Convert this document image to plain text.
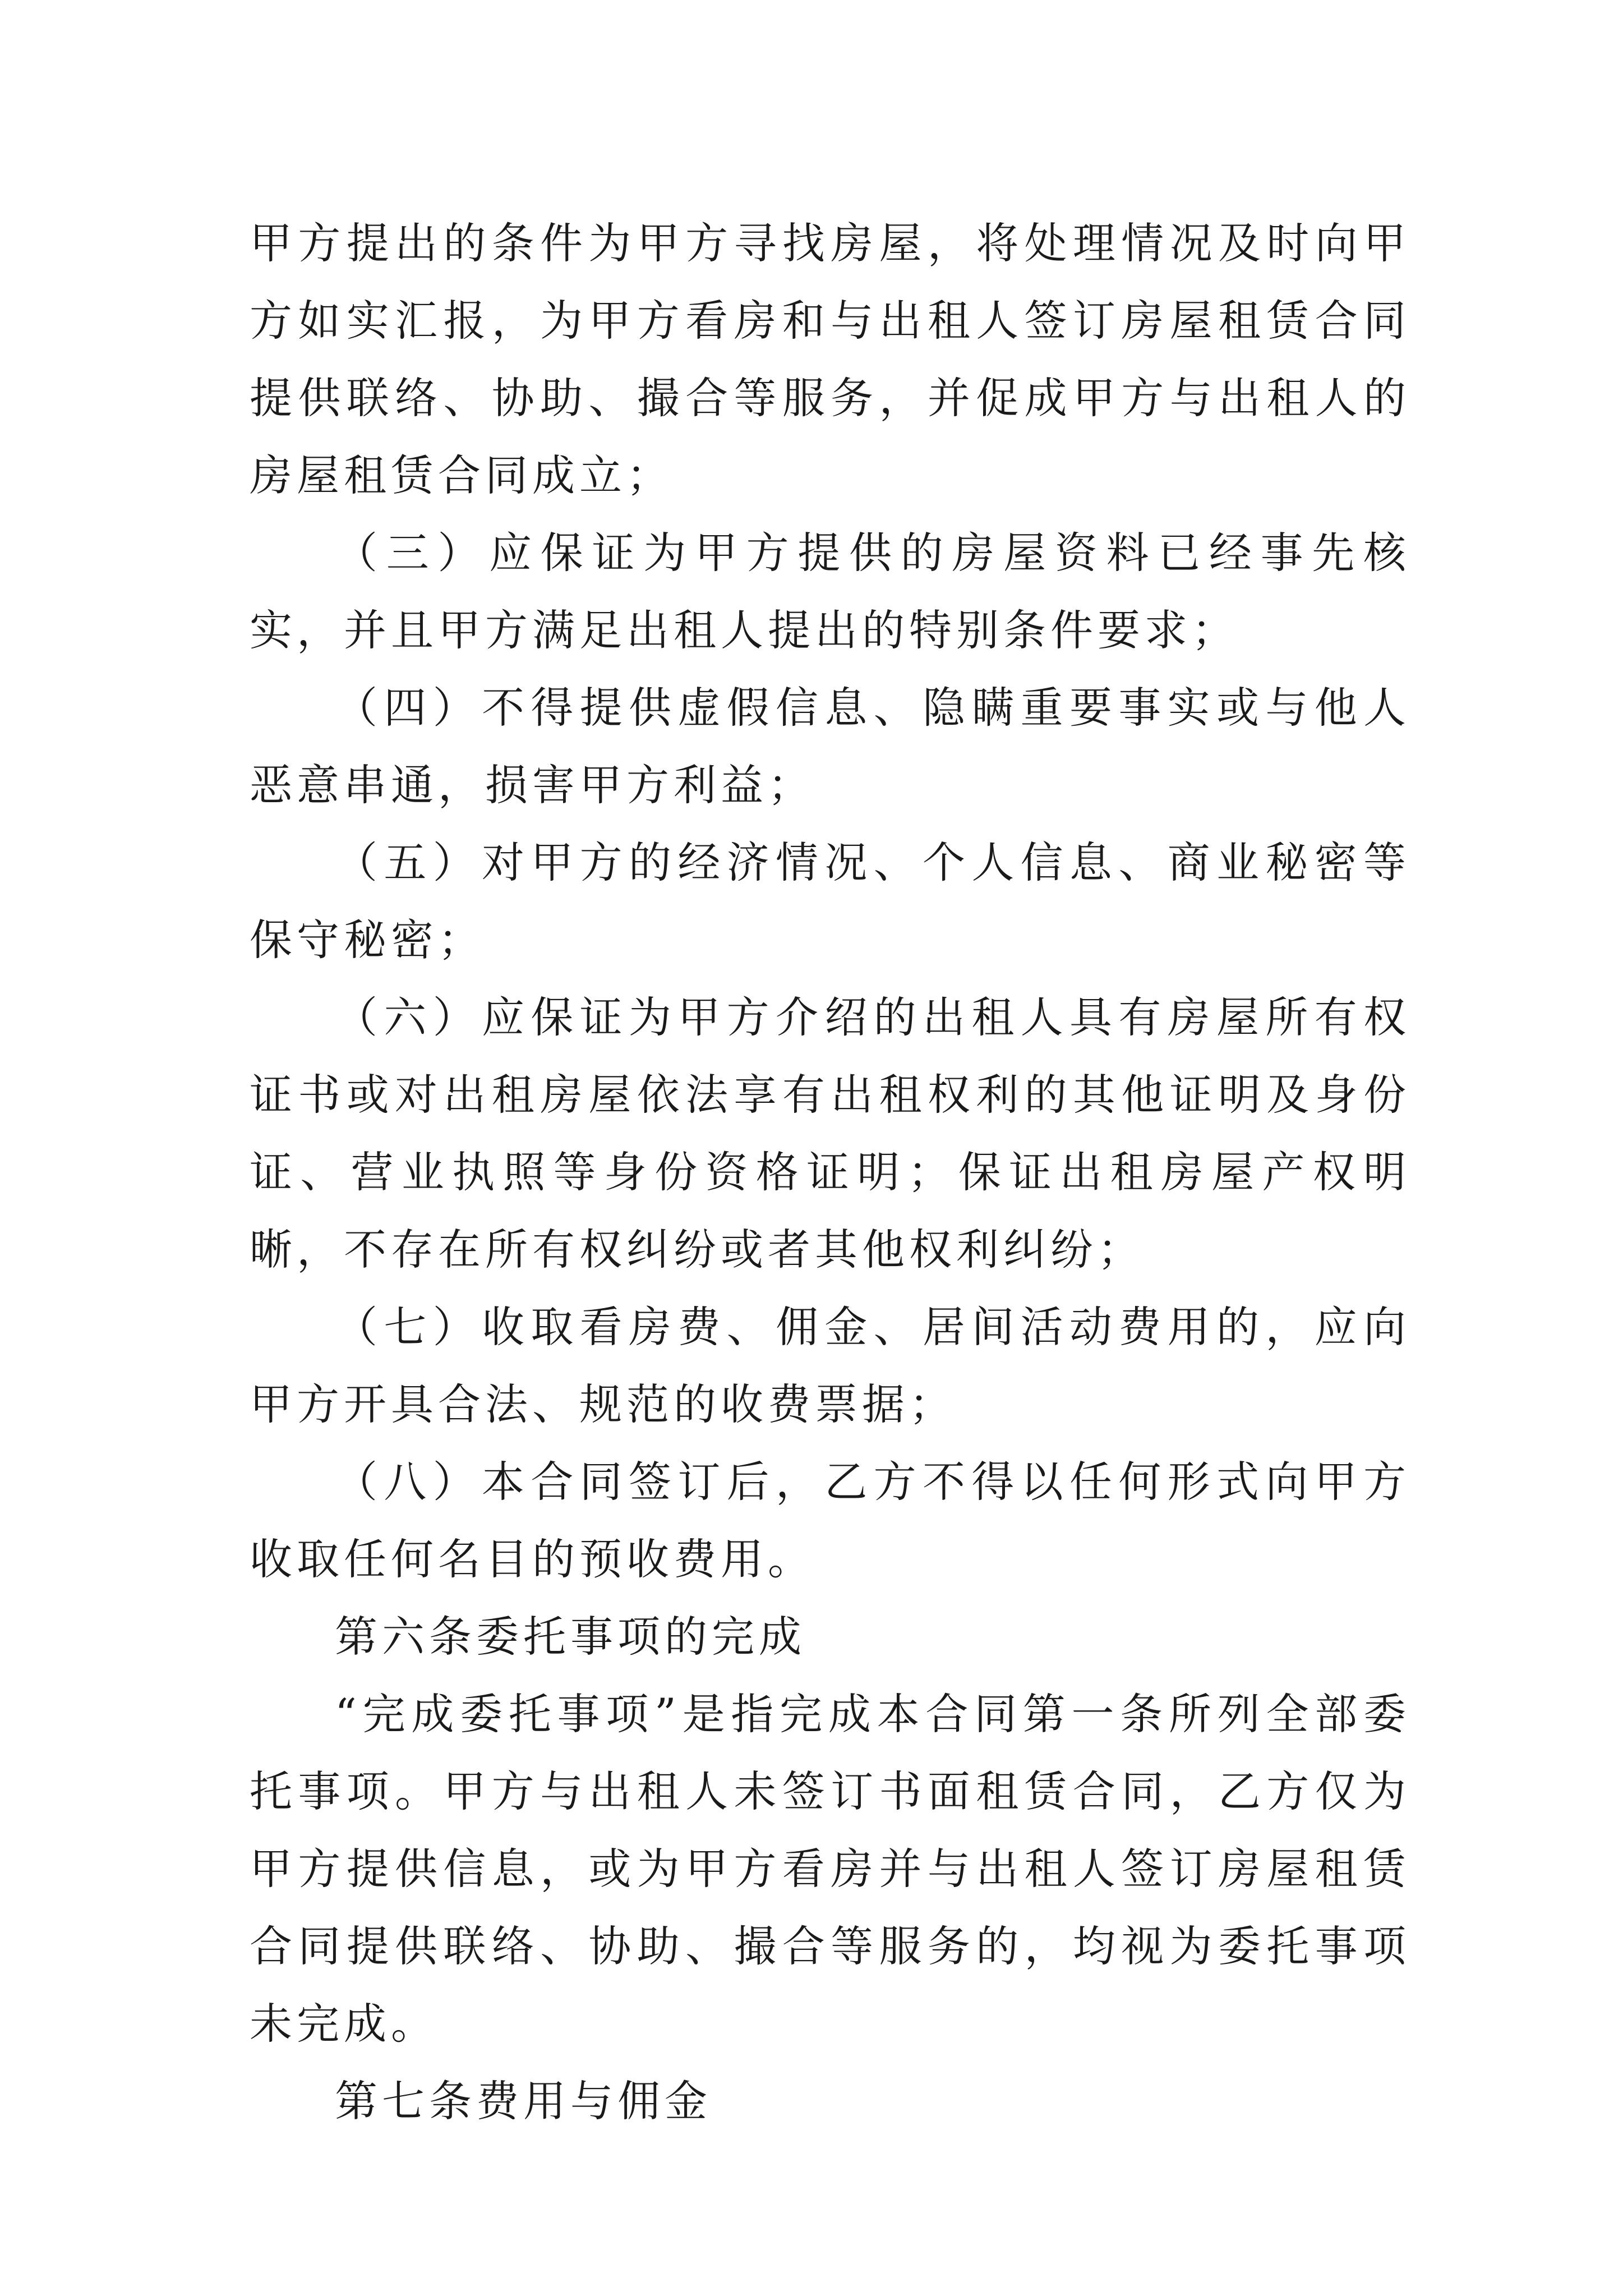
甲方提出的条件为甲方寻找房屋，将处理情况及时向甲方如实汇报，为甲方看房和与出租人签订房屋租赁合同提供联络、协助、撮合等服务，并促成甲方与出租人的房屋租赁合同成立；

（三）应保证为甲方提供的房屋资料已经事先核实，并且甲方满足出租人提出的特别条件要求；

（四）不得提供虚假信息、隐瞒重要事实或与他人恶意串通，损害甲方利益；

（五）对甲方的经济情况、个人信息、商业秘密等保守秘密；

（六）应保证为甲方介绍的出租人具有房屋所有权证书或对出租房屋依法享有出租权利的其他证明及身份证、营业执照等身份资格证明；保证出租房屋产权明晰，不存在所有权纠纷或者其他权利纠纷；

（七）收取看房费、佣金、居间活动费用的，应向甲方开具合法、规范的收费票据；

（八）本合同签订后，乙方不得以任何形式向甲方收取任何名目的预收费用。

第六条委托事项的完成

“完成委托事项”是指完成本合同第一条所列全部委托事项。甲方与出租人未签订书面租赁合同，乙方仅为甲方提供信息，或为甲方看房并与出租人签订房屋租赁合同提供联络、协助、撮合等服务的，均视为委托事项未完成。

第七条费用与佣金
